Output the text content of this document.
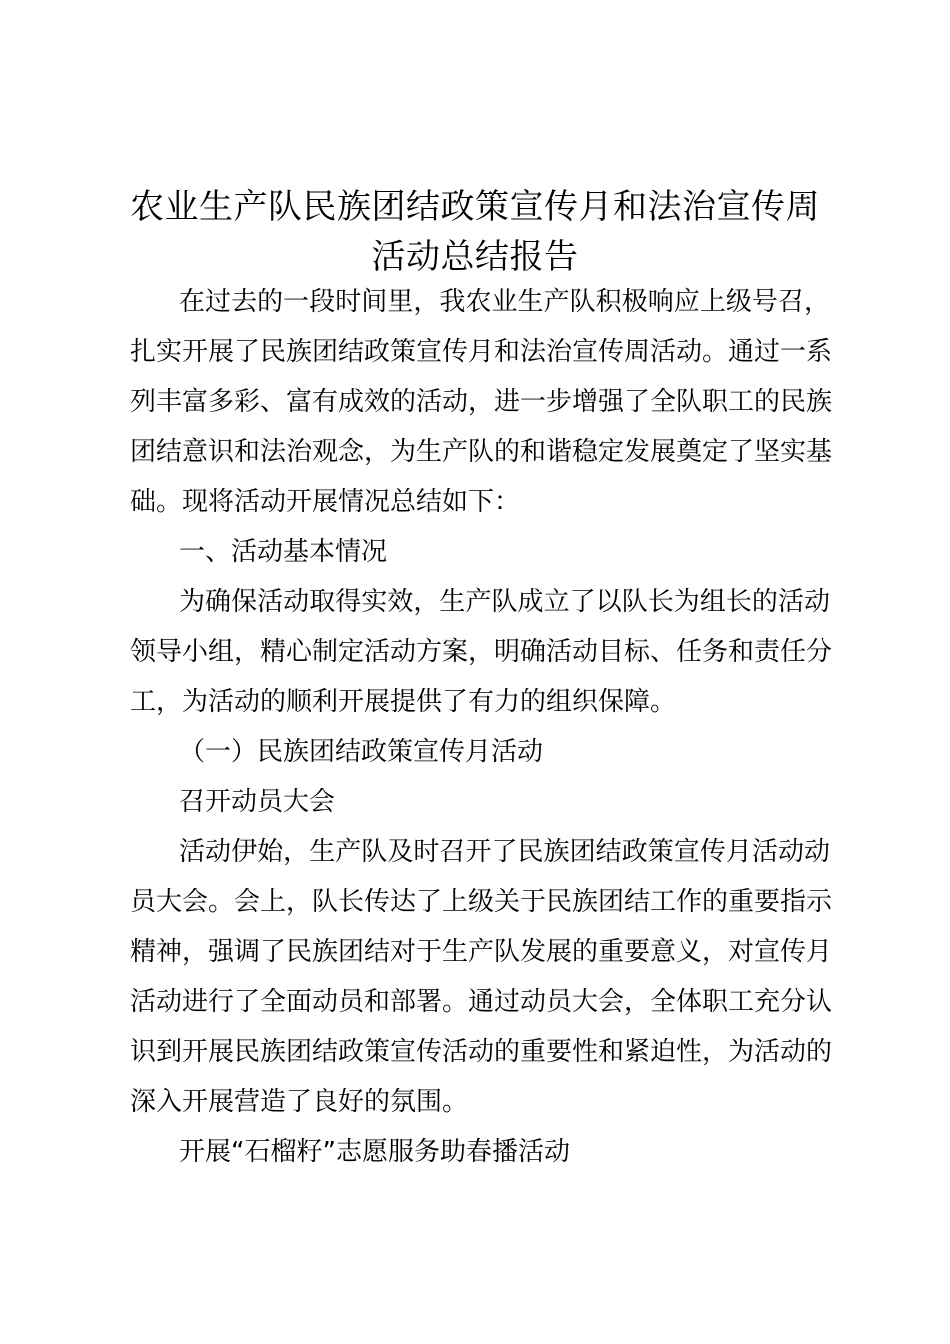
农业生产队民族团结政策宣传月和法治宣传周
活动总结报告
在过去的一段时间里，我农业生产队积极响应上级号召，
扎实开展了民族团结政策宣传月和法治宣传周活动。通过一系
列丰富多彩、富有成效的活动，进一步增强了全队职工的民族
团结意识和法治观念，为生产队的和谐稳定发展奠定了坚实基
础。现将活动开展情况总结如下：
一、活动基本情况
为确保活动取得实效，生产队成立了以队长为组长的活动
领导小组，精心制定活动方案，明确活动目标、任务和责任分
工，为活动的顺利开展提供了有力的组织保障。
（一）民族团结政策宣传月活动
召开动员大会
活动伊始，生产队及时召开了民族团结政策宣传月活动动
员大会。会上，队长传达了上级关于民族团结工作的重要指示
精神，强调了民族团结对于生产队发展的重要意义，对宣传月
活动进行了全面动员和部署。通过动员大会，全体职工充分认
识到开展民族团结政策宣传活动的重要性和紧迫性，为活动的
深入开展营造了良好的氛围。
开展“石榴籽”志愿服务助春播活动
